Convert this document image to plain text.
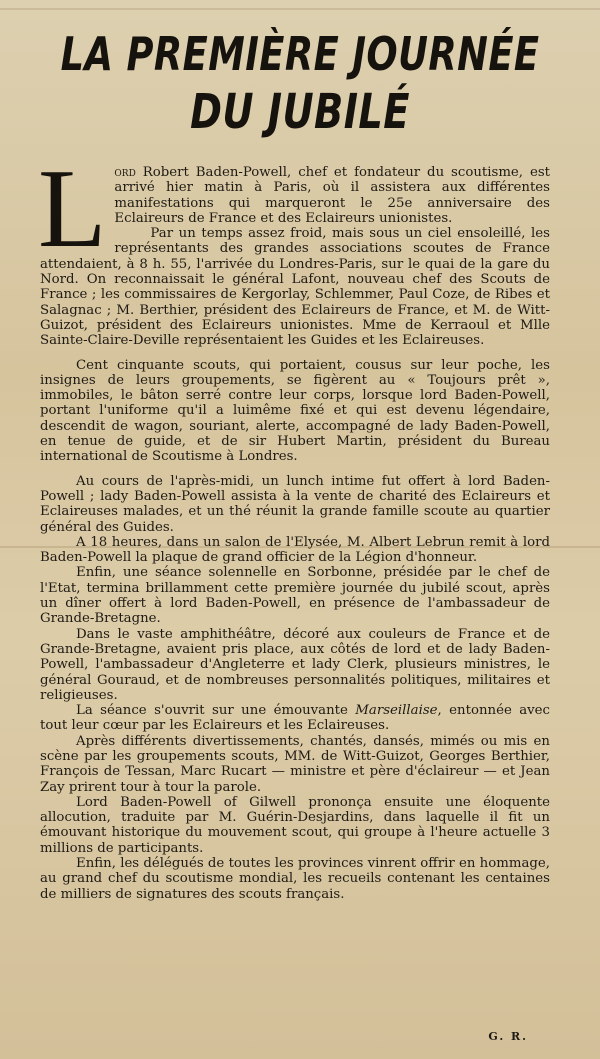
LA PREMIÈRE JOURNÉE
DU JUBILÉ

Lord Robert Baden-Powell, chef et fondateur du scoutisme, est arrivé hier matin à Paris, où il assistera aux différentes manifestations qui marqueront le 25e anniversaire des Eclaireurs de France et des Eclaireurs unionistes.

Par un temps assez froid, mais sous un ciel ensoleillé, les représentants des grandes associations scoutes de France attendaient, à 8 h. 55, l'arrivée du Londres-Paris, sur le quai de la gare du Nord. On reconnaissait le général Lafont, nouveau chef des Scouts de France ; les commissaires de Kergorlay, Schlemmer, Paul Coze, de Ribes et Salagnac ; M. Berthier, président des Eclaireurs de France, et M. de Witt-Guizot, président des Eclaireurs unionistes. Mme de Kerraoul et Mlle Sainte-Claire-Deville représentaient les Guides et les Eclaireuses.

Cent cinquante scouts, qui portaient, cousus sur leur poche, les insignes de leurs groupements, se figèrent au « Toujours prêt », immobiles, le bâton serré contre leur corps, lorsque lord Baden-Powell, portant l'uniforme qu'il a luimême fixé et qui est devenu légendaire, descendit de wagon, souriant, alerte, accompagné de lady Baden-Powell, en tenue de guide, et de sir Hubert Martin, président du Bureau international de Scoutisme à Londres.

Au cours de l'après-midi, un lunch intime fut offert à lord Baden-Powell ; lady Baden-Powell assista à la vente de charité des Eclaireurs et Eclaireuses malades, et un thé réunit la grande famille scoute au quartier général des Guides.

A 18 heures, dans un salon de l'Elysée, M. Albert Lebrun remit à lord Baden-Powell la plaque de grand officier de la Légion d'honneur.

Enfin, une séance solennelle en Sorbonne, présidée par le chef de l'Etat, termina brillamment cette première journée du jubilé scout, après un dîner offert à lord Baden-Powell, en présence de l'ambassadeur de Grande-Bretagne.

Dans le vaste amphithéâtre, décoré aux couleurs de France et de Grande-Bretagne, avaient pris place, aux côtés de lord et de lady Baden-Powell, l'ambassadeur d'Angleterre et lady Clerk, plusieurs ministres, le général Gouraud, et de nombreuses personnalités politiques, militaires et religieuses.

La séance s'ouvrit sur une émouvante Marseillaise, entonnée avec tout leur cœur par les Eclaireurs et les Eclaireuses.

Après différents divertissements, chantés, dansés, mimés ou mis en scène par les groupements scouts, MM. de Witt-Guizot, Georges Berthier, François de Tessan, Marc Rucart — ministre et père d'éclaireur — et Jean Zay prirent tour à tour la parole.

Lord Baden-Powell of Gilwell prononça ensuite une éloquente allocution, traduite par M. Guérin-Desjardins, dans laquelle il fit un émouvant historique du mouvement scout, qui groupe à l'heure actuelle 3 millions de participants.

Enfin, les délégués de toutes les provinces vinrent offrir en hommage, au grand chef du scoutisme mondial, les recueils contenant les centaines de milliers de signatures des scouts français.

G. R.
